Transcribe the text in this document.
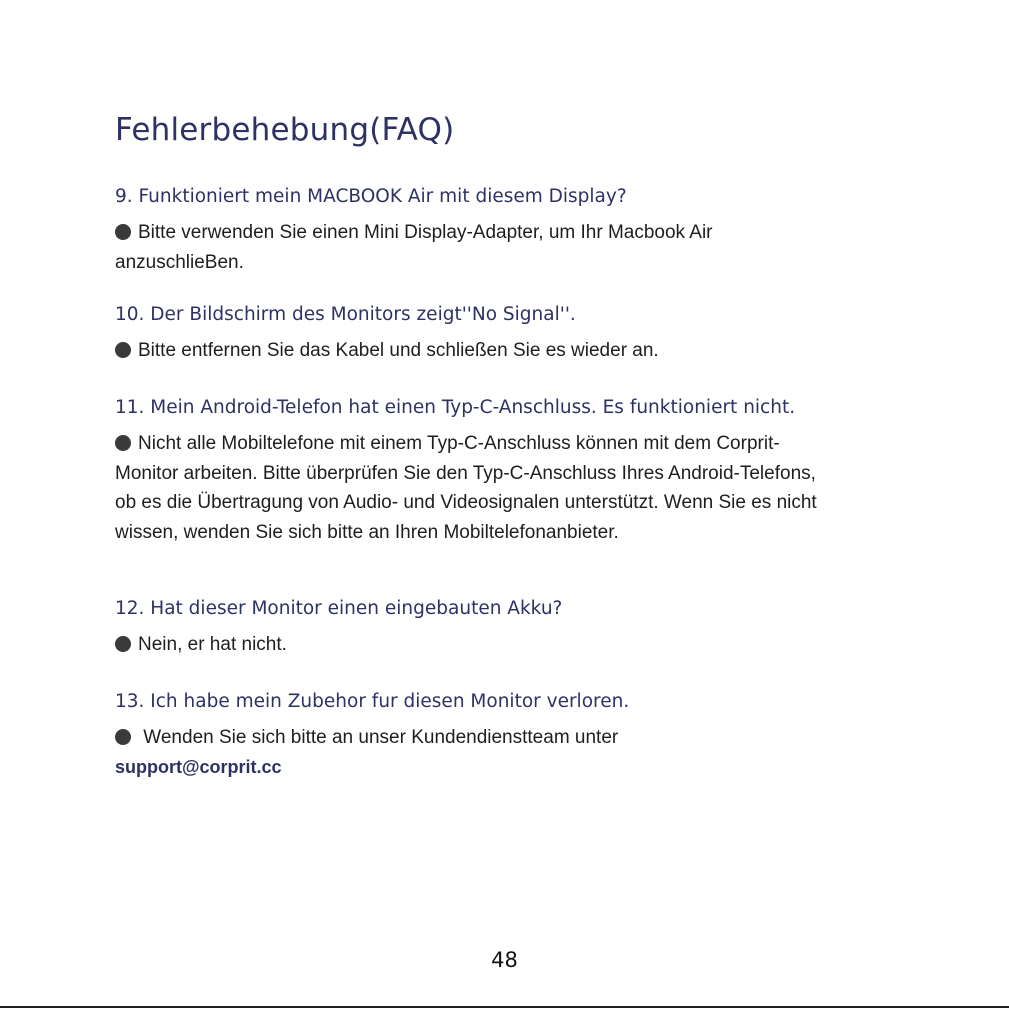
Fehlerbehebung(FAQ)
9. Funktioniert mein MACBOOK Air mit diesem Display?
Bitte verwenden Sie einen Mini Display-Adapter, um Ihr Macbook Air anzuschlieBen.
10. Der Bildschirm des Monitors zeigt''No Signal''.
Bitte entfernen Sie das Kabel und schließen Sie es wieder an.
11. Mein Android-Telefon hat einen Typ-C-Anschluss. Es funktioniert nicht.
Nicht alle Mobiltelefone mit einem Typ-C-Anschluss können mit dem Corprit-Monitor arbeiten. Bitte überprüfen Sie den Typ-C-Anschluss Ihres Android-Telefons, ob es die Übertragung von Audio- und Videosignalen unterstützt. Wenn Sie es nicht wissen, wenden Sie sich bitte an Ihren Mobiltelefonanbieter.
12. Hat dieser Monitor einen eingebauten Akku?
Nein, er hat nicht.
13. Ich habe mein Zubehor fur diesen Monitor verloren.
Wenden Sie sich bitte an unser Kundendienstteam unter
support@corprit.cc
48
